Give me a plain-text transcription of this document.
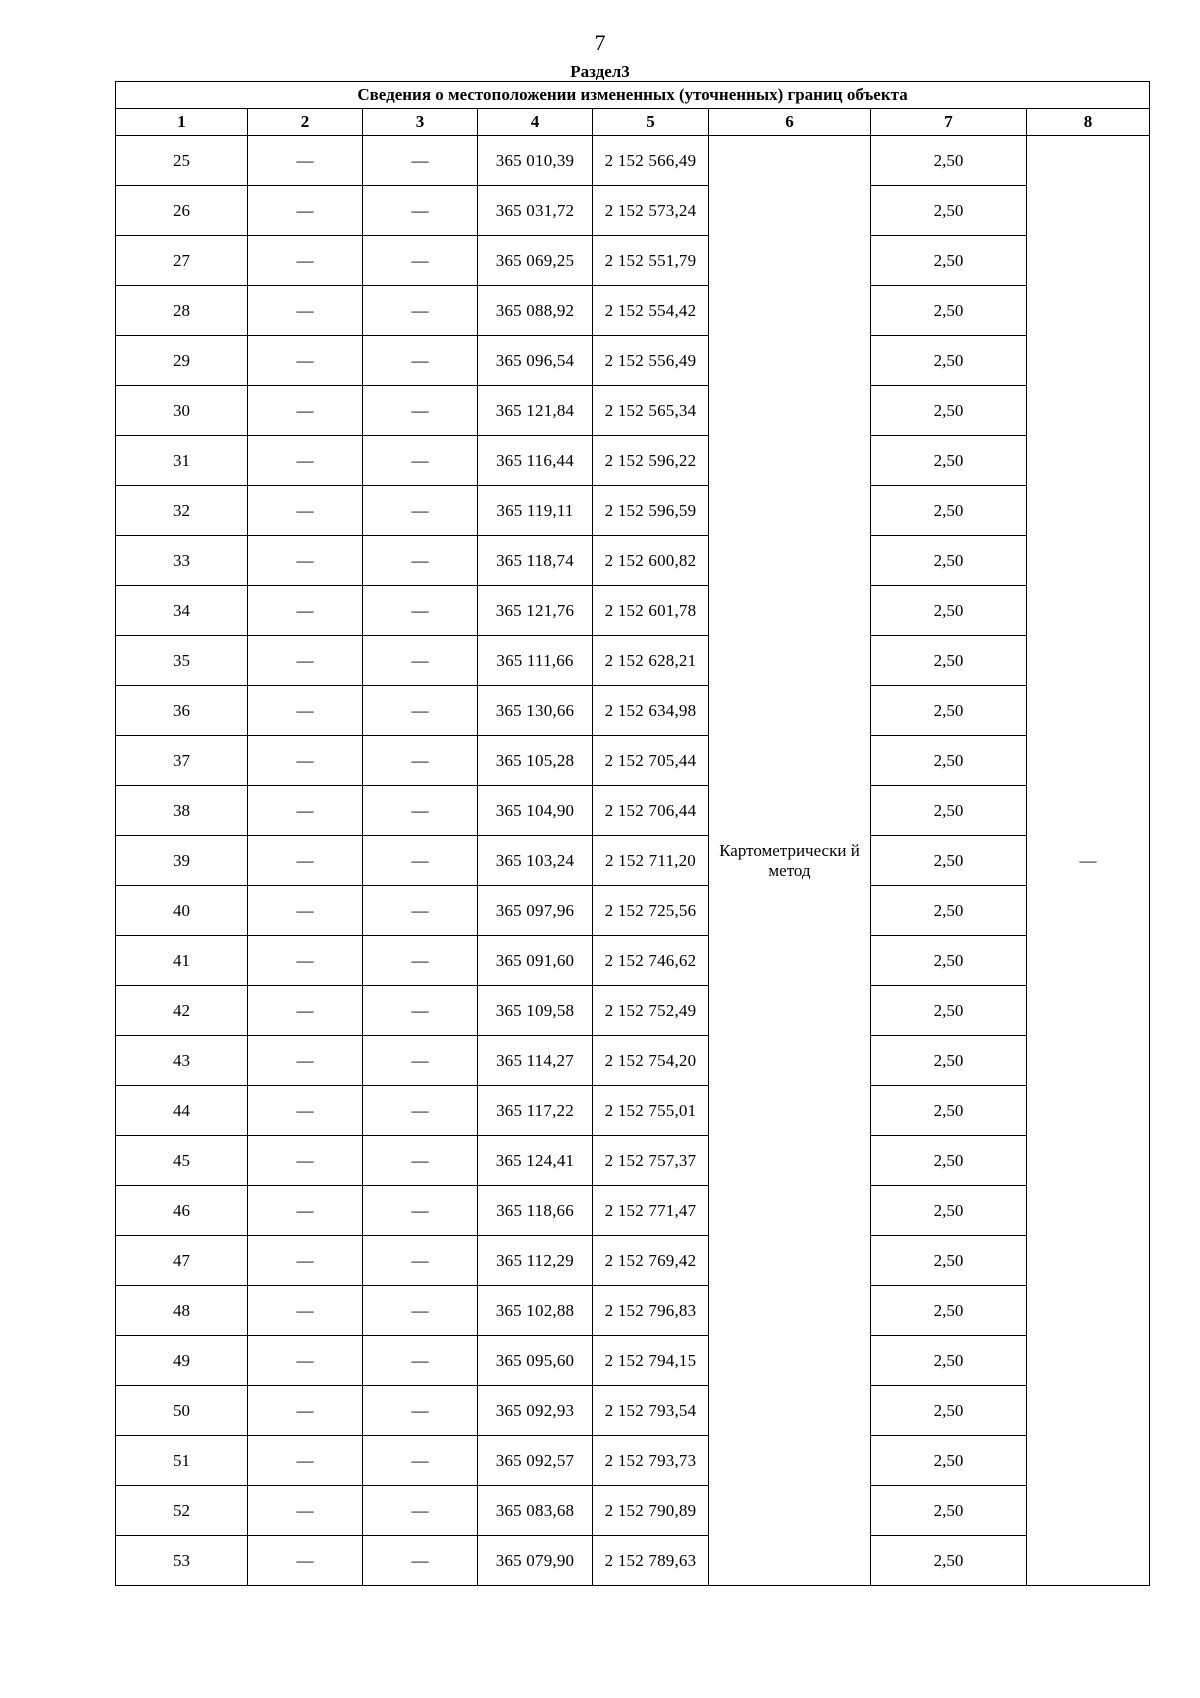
7
Раздел3
Сведения о местоположении измененных (уточненных) границ объекта							
1	2	3	4	5	6	7	8
25	—	—	365 010,39	2 152 566,49	Картометрически й метод	2,50	—
26	—	—	365 031,72	2 152 573,24		2,50	
27	—	—	365 069,25	2 152 551,79		2,50	
28	—	—	365 088,92	2 152 554,42		2,50	
29	—	—	365 096,54	2 152 556,49		2,50	
30	—	—	365 121,84	2 152 565,34		2,50	
31	—	—	365 116,44	2 152 596,22		2,50	
32	—	—	365 119,11	2 152 596,59		2,50	
33	—	—	365 118,74	2 152 600,82		2,50	
34	—	—	365 121,76	2 152 601,78		2,50	
35	—	—	365 111,66	2 152 628,21		2,50	
36	—	—	365 130,66	2 152 634,98		2,50	
37	—	—	365 105,28	2 152 705,44		2,50	
38	—	—	365 104,90	2 152 706,44		2,50	
39	—	—	365 103,24	2 152 711,20		2,50	
40	—	—	365 097,96	2 152 725,56		2,50	
41	—	—	365 091,60	2 152 746,62		2,50	
42	—	—	365 109,58	2 152 752,49		2,50	
43	—	—	365 114,27	2 152 754,20		2,50	
44	—	—	365 117,22	2 152 755,01		2,50	
45	—	—	365 124,41	2 152 757,37		2,50	
46	—	—	365 118,66	2 152 771,47		2,50	
47	—	—	365 112,29	2 152 769,42		2,50	
48	—	—	365 102,88	2 152 796,83		2,50	
49	—	—	365 095,60	2 152 794,15		2,50	
50	—	—	365 092,93	2 152 793,54		2,50	
51	—	—	365 092,57	2 152 793,73		2,50	
52	—	—	365 083,68	2 152 790,89		2,50	
53	—	—	365 079,90	2 152 789,63		2,50	
